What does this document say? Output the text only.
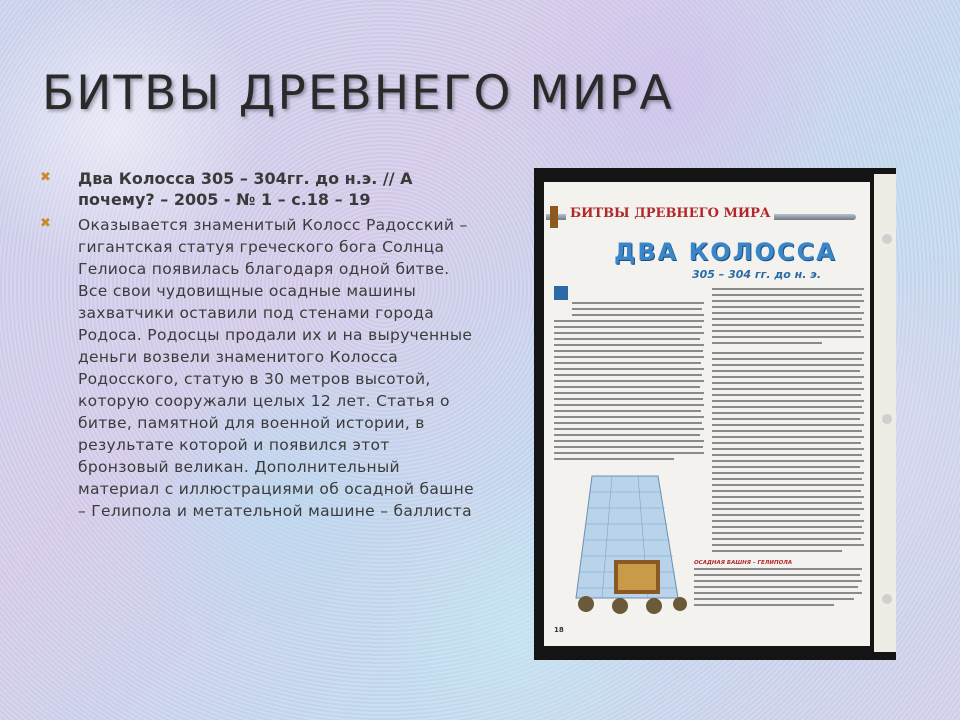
БИТВЫ ДРЕВНЕГО МИРА
✖ Два Колосса 305 – 304гг. до н.э. // А почему? – 2005 - № 1 – с.18 – 19
✖ Оказывается знаменитый Колосс Радосский – гигантская статуя греческого бога Солнца Гелиоса появилась благодаря одной битве. Все свои чудовищные осадные машины захватчики оставили под стенами города Родоса. Родосцы продали их и на вырученные деньги возвели знаменитого Колосса Родосского, статую в 30 метров высотой, которую сооружали целых 12 лет. Статья о битве, памятной для военной истории, в результате которой и появился этот бронзовый великан. Дополнительный материал с иллюстрациями об осадной башне – Гелипола и метательной машине – баллиста
БИТВЫ ДРЕВНЕГО МИРА
ДВА КОЛОССА
305 – 304 гг. до н. э.
ОСАДНАЯ БАШНЯ – ГЕЛИПОЛА
18
